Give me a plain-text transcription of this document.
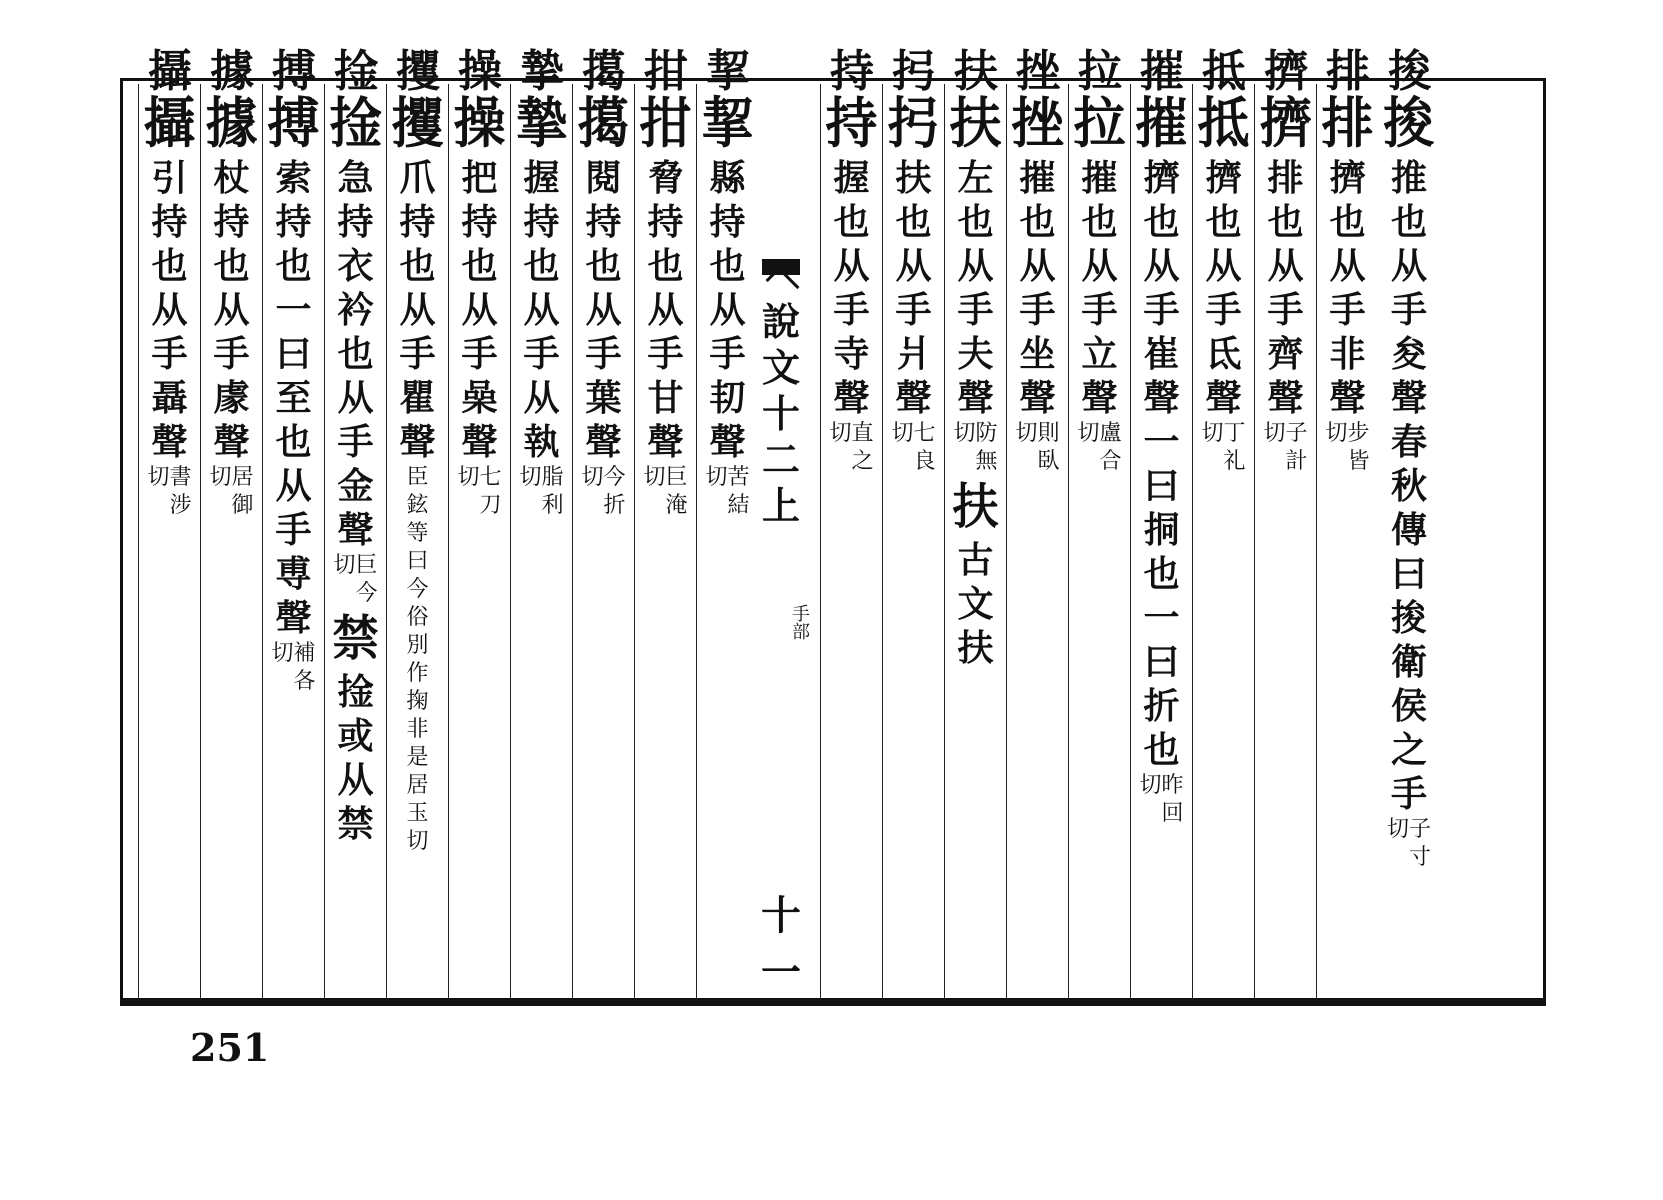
捘
排
擠
抵
摧
拉
挫
扶
㧈
持
挈
拑
擖
摯
操
攫
捦
搏
據
攝
捘
推
也
从
手
夋
聲
春
秋
傳
曰
捘
衛
侯
之
手
子
寸
切
排
擠
也
从
手
非
聲
步
皆
切
擠
排
也
从
手
齊
聲
子
計
切
抵
擠
也
从
手
氐
聲
丁
礼
切
摧
擠
也
从
手
崔
聲
一
曰
挏
也
一
曰
折
也
昨
回
切
拉
摧
也
从
手
立
聲
盧
合
切
挫
摧
也
从
手
坐
聲
則
臥
切
扶
左
也
从
手
夫
聲
防
無
切
扶
古
文
扶
㧈
扶
也
从
手
爿
聲
七
良
切
持
握
也
从
手
寺
聲
直
之
切
挈
縣
持
也
从
手
㓞
聲
苦
結
切
拑
脅
持
也
从
手
甘
聲
巨
淹
切
擖
閱
持
也
从
手
葉
聲
今
折
切
摯
握
持
也
从
手
从
執
脂
利
切
操
把
持
也
从
手
喿
聲
七
刀
切
攫
爪
持
也
从
手
瞿
聲
臣
鉉
等
曰
今
俗
別
作
掬
非
是
居
玉
切
捦
急
持
衣
衿
也
从
手
金
聲
巨
今
切
禁
捦
或
从
禁
搏
索
持
也
一
曰
至
也
从
手
尃
聲
補
各
切
據
杖
持
也
从
手
豦
聲
居
御
切
攝
引
持
也
从
手
聶
聲
書
涉
切
說
文
十
二
上
手部
十一
251
